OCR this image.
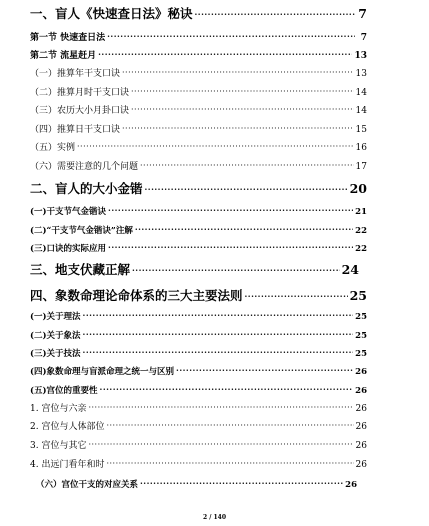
一、盲人《快速查日法》秘诀 ·····	7
第一节 快速查日法 ·····	7
第二节 流星赶月 ·····	13
（一）推算年干支口诀 ·····	13
（二）推算月时干支口诀 ·····	14
（三）农历大小月卦口诀 ·····	14
（四）推算日干支口诀 ·····	15
（五）实例 ·····	16
（六）需要注意的几个问题 ·····	17
二、盲人的大小金锴 ·····	20
(一)干支节气金锴诀 ·····	21
(二)“干支节气金锴诀”注解 ·····	22
(三)口诀的实际应用 ·····	22
三、地支伏藏正解 ·····	24
四、象数命理论命体系的三大主要法则 ·····	25
(一)关于理法 ·····	25
(二)关于象法 ·····	25
(三)关于技法 ·····	25
(四)象数命理与盲派命理之统一与区别 ·····	26
(五)宫位的重要性 ·····	26
1. 宫位与六亲 ·····	26
2. 宫位与人体部位 ·····	26
3. 宫位与其它 ·····	26
4. 出远门看年和时 ·····	26
（六）宫位干支的对应关系 ·····	26
2 / 140
